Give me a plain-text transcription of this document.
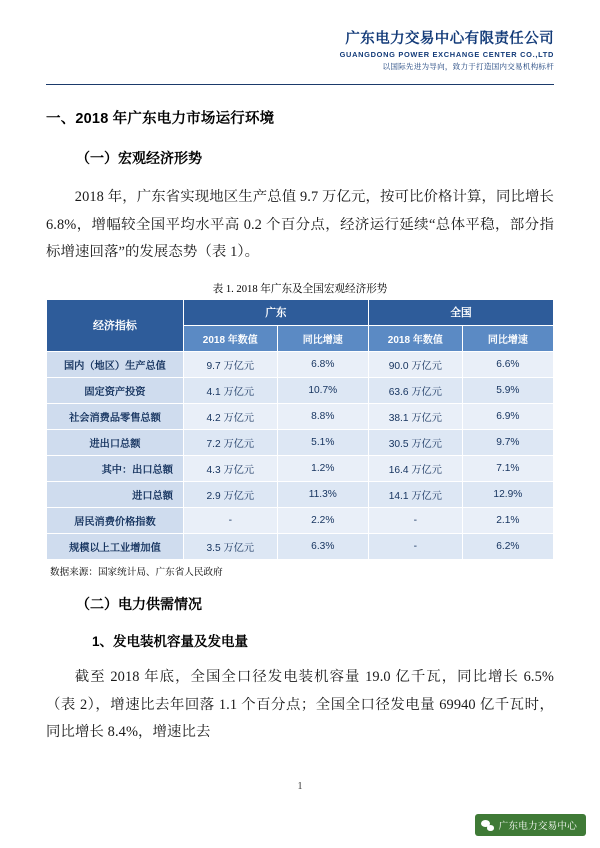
广东电力交易中心有限责任公司
GUANGDONG POWER EXCHANGE CENTER CO.,LTD
以国际先进为导向，致力于打造国内交易机构标杆
一、2018 年广东电力市场运行环境
（一）宏观经济形势

2018 年，广东省实现地区生产总值 9.7 万亿元，按可比价格计算，同比增长 6.8%，增幅较全国平均水平高 0.2 个百分点，经济运行延续“总体平稳，部分指标增速回落”的发展态势（表 1）。

表 1. 2018 年广东及全国宏观经济形势
经济指标	广东		全国	
	2018 年数值	同比增速	2018 年数值	同比增速
国内（地区）生产总值	9.7 万亿元	6.8%	90.0 万亿元	6.6%
固定资产投资	4.1 万亿元	10.7%	63.6 万亿元	5.9%
社会消费品零售总额	4.2 万亿元	8.8%	38.1 万亿元	6.9%
进出口总额	7.2 万亿元	5.1%	30.5 万亿元	9.7%
其中：出口总额	4.3 万亿元	1.2%	16.4 万亿元	7.1%
进口总额	2.9 万亿元	11.3%	14.1 万亿元	12.9%
居民消费价格指数	-	2.2%	-	2.1%
规模以上工业增加值	3.5 万亿元	6.3%	-	6.2%
数据来源：国家统计局、广东省人民政府
（二）电力供需情况
1、发电装机容量及发电量

截至 2018 年底，全国全口径发电装机容量 19.0 亿千瓦，同比增长 6.5%（表 2），增速比去年回落 1.1 个百分点；全国全口径发电量 69940 亿千瓦时，同比增长 8.4%，增速比去

1
广东电力交易中心
